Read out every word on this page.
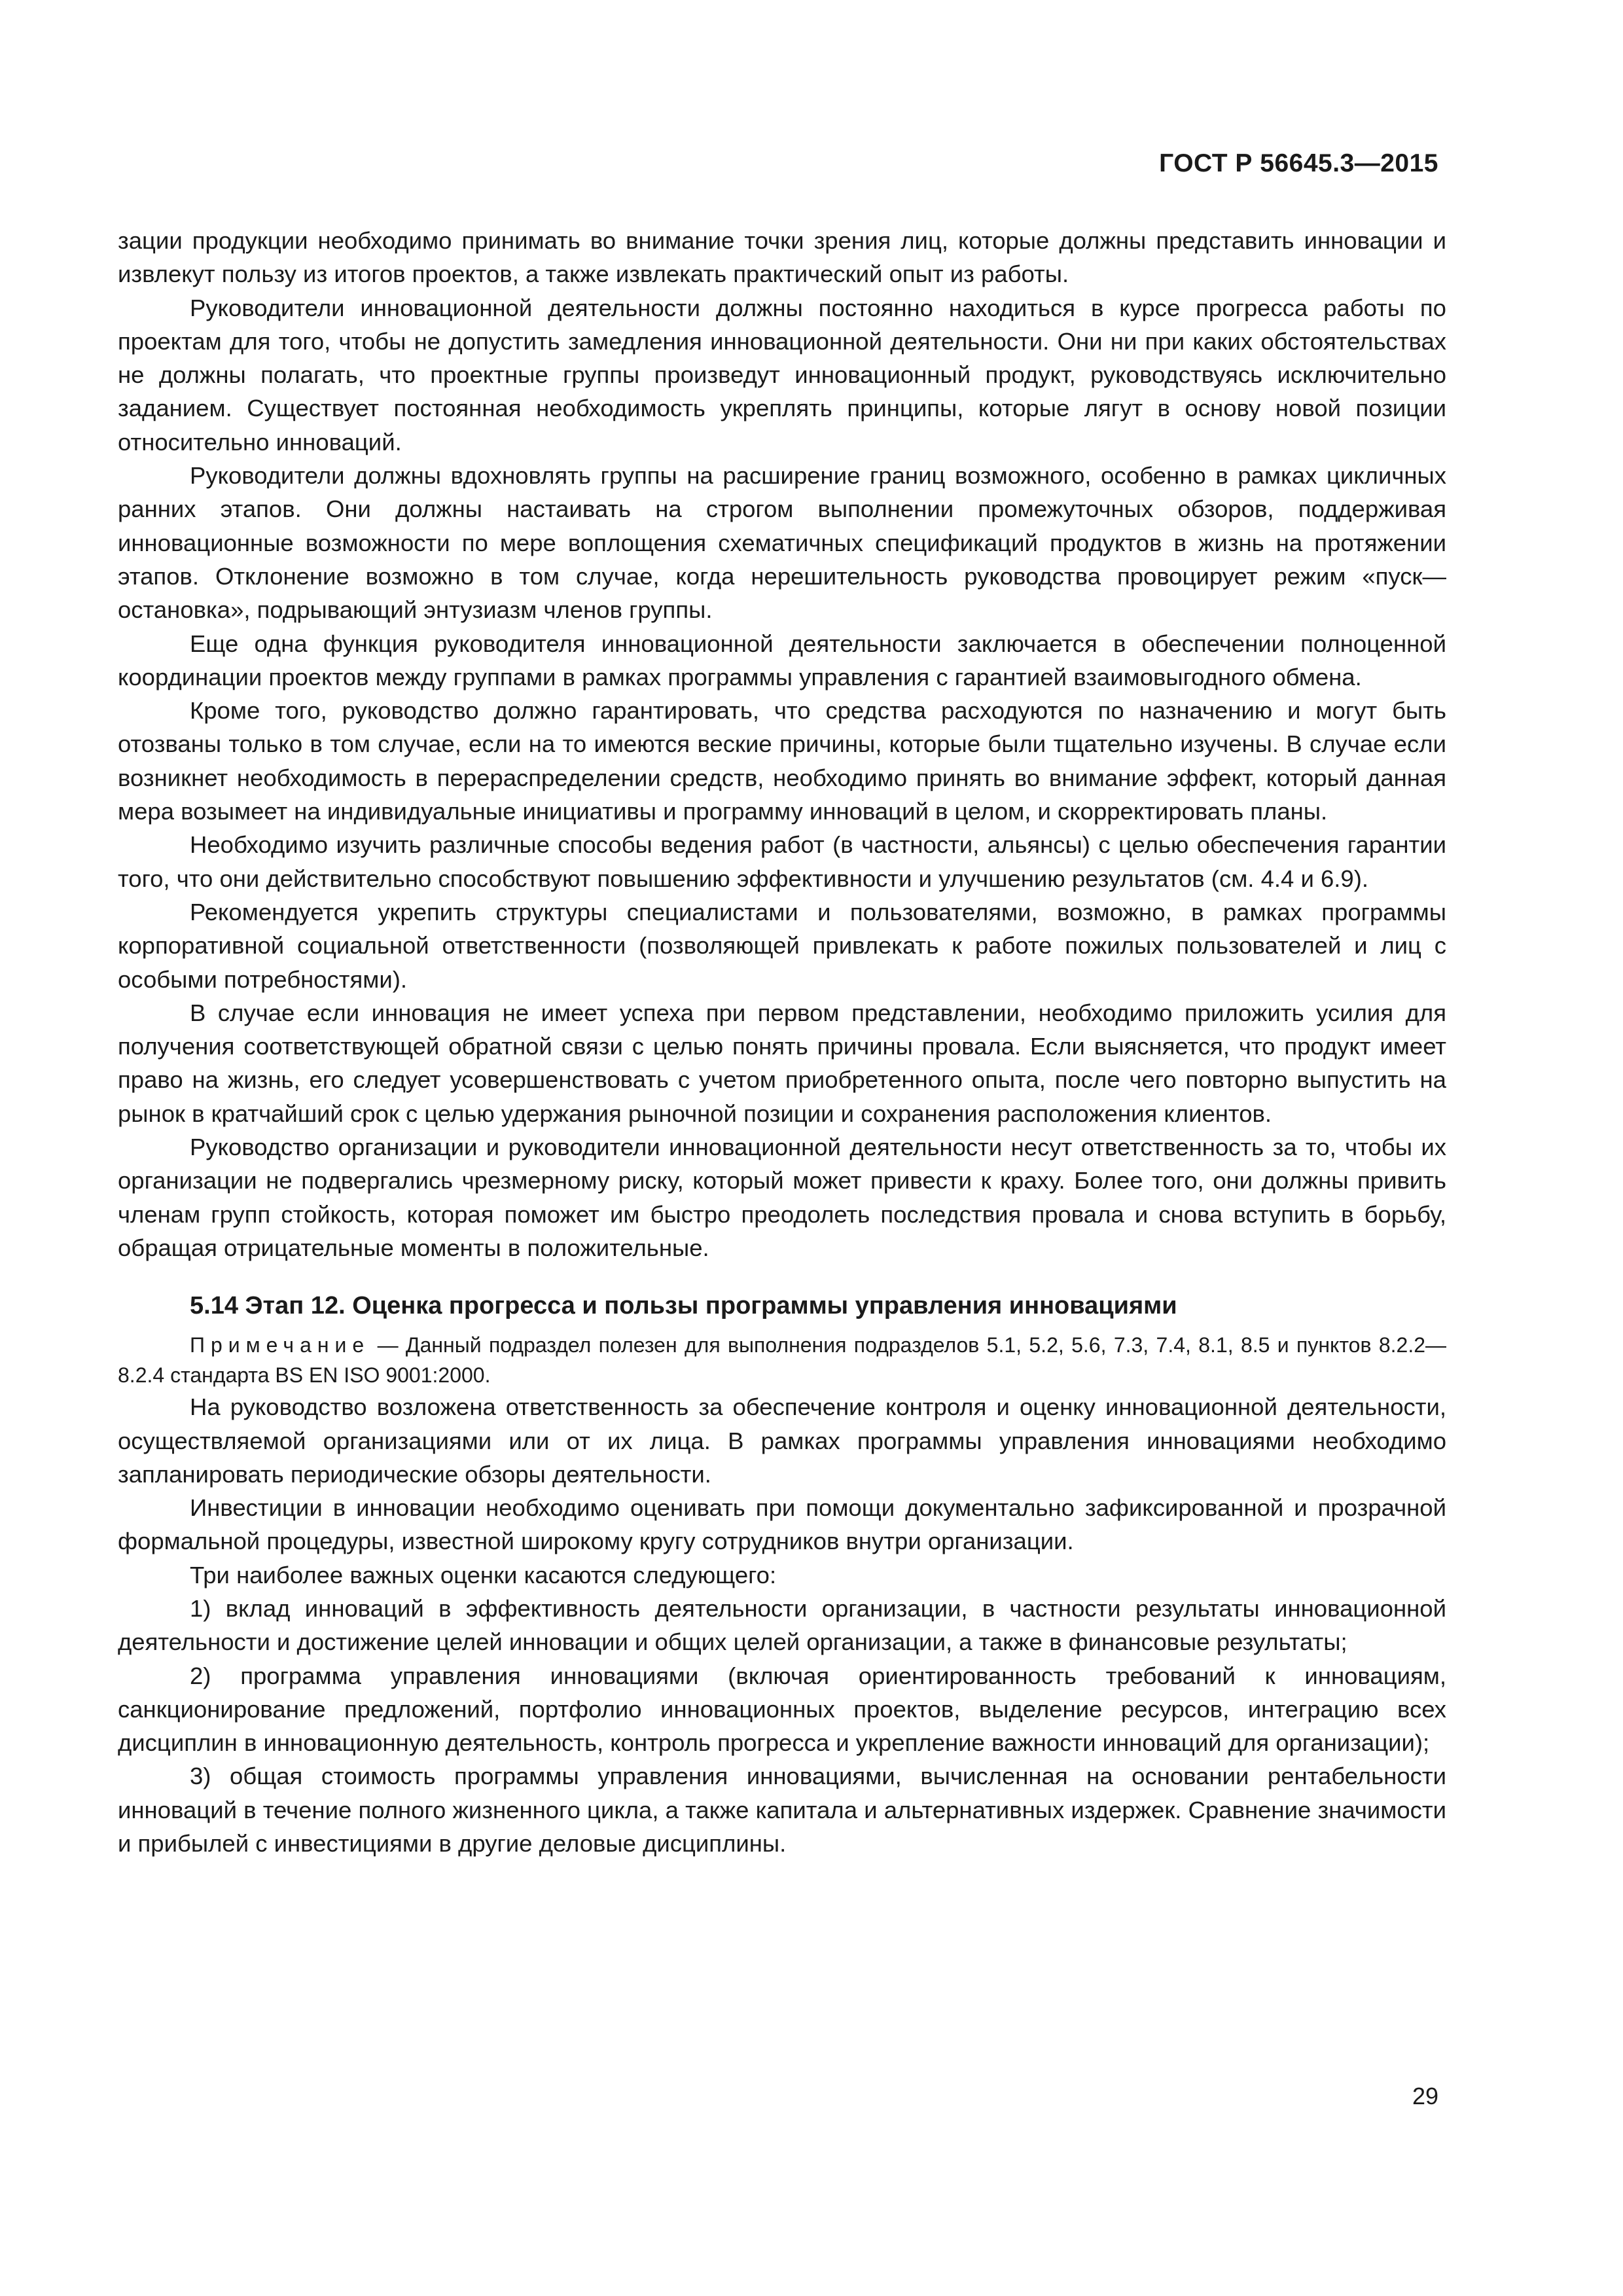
ГОСТ Р 56645.3—2015

зации продукции необходимо принимать во внимание точки зрения лиц, которые должны представить инновации и извлекут пользу из итогов проектов, а также извлекать практический опыт из работы.

Руководители инновационной деятельности должны постоянно находиться в курсе прогресса работы по проектам для того, чтобы не допустить замедления инновационной деятельности. Они ни при каких обстоятельствах не должны полагать, что проектные группы произведут инновационный продукт, руководствуясь исключительно заданием. Существует постоянная необходимость укреплять принципы, которые лягут в основу новой позиции относительно инноваций.

Руководители должны вдохновлять группы на расширение границ возможного, особенно в рамках цикличных ранних этапов. Они должны настаивать на строгом выполнении промежуточных обзоров, поддерживая инновационные возможности по мере воплощения схематичных спецификаций продуктов в жизнь на протяжении этапов. Отклонение возможно в том случае, когда нерешительность руководства провоцирует режим «пуск—остановка», подрывающий энтузиазм членов группы.

Еще одна функция руководителя инновационной деятельности заключается в обеспечении полноценной координации проектов между группами в рамках программы управления с гарантией взаимовыгодного обмена.

Кроме того, руководство должно гарантировать, что средства расходуются по назначению и могут быть отозваны только в том случае, если на то имеются веские причины, которые были тщательно изучены. В случае если возникнет необходимость в перераспределении средств, необходимо принять во внимание эффект, который данная мера возымеет на индивидуальные инициативы и программу инноваций в целом, и скорректировать планы.

Необходимо изучить различные способы ведения работ (в частности, альянсы) с целью обеспечения гарантии того, что они действительно способствуют повышению эффективности и улучшению результатов (см. 4.4 и 6.9).

Рекомендуется укрепить структуры специалистами и пользователями, возможно, в рамках программы корпоративной социальной ответственности (позволяющей привлекать к работе пожилых пользователей и лиц с особыми потребностями).

В случае если инновация не имеет успеха при первом представлении, необходимо приложить усилия для получения соответствующей обратной связи с целью понять причины провала. Если выясняется, что продукт имеет право на жизнь, его следует усовершенствовать с учетом приобретенного опыта, после чего повторно выпустить на рынок в кратчайший срок с целью удержания рыночной позиции и сохранения расположения клиентов.

Руководство организации и руководители инновационной деятельности несут ответственность за то, чтобы их организации не подвергались чрезмерному риску, который может привести к краху. Более того, они должны привить членам групп стойкость, которая поможет им быстро преодолеть последствия провала и снова вступить в борьбу, обращая отрицательные моменты в положительные.

5.14 Этап 12. Оценка прогресса и пользы программы управления инновациями

Примечание — Данный подраздел полезен для выполнения подразделов 5.1, 5.2, 5.6, 7.3, 7.4, 8.1, 8.5 и пунктов 8.2.2—8.2.4 стандарта BS EN ISO 9001:2000.

На руководство возложена ответственность за обеспечение контроля и оценку инновационной деятельности, осуществляемой организациями или от их лица. В рамках программы управления инновациями необходимо запланировать периодические обзоры деятельности.

Инвестиции в инновации необходимо оценивать при помощи документально зафиксированной и прозрачной формальной процедуры, известной широкому кругу сотрудников внутри организации.

Три наиболее важных оценки касаются следующего:

1) вклад инноваций в эффективность деятельности организации, в частности результаты инновационной деятельности и достижение целей инновации и общих целей организации, а также в финансовые результаты;

2) программа управления инновациями (включая ориентированность требований к инновациям, санкционирование предложений, портфолио инновационных проектов, выделение ресурсов, интеграцию всех дисциплин в инновационную деятельность, контроль прогресса и укрепление важности инноваций для организации);

3) общая стоимость программы управления инновациями, вычисленная на основании рентабельности инноваций в течение полного жизненного цикла, а также капитала и альтернативных издержек. Сравнение значимости и прибылей с инвестициями в другие деловые дисциплины.

29
